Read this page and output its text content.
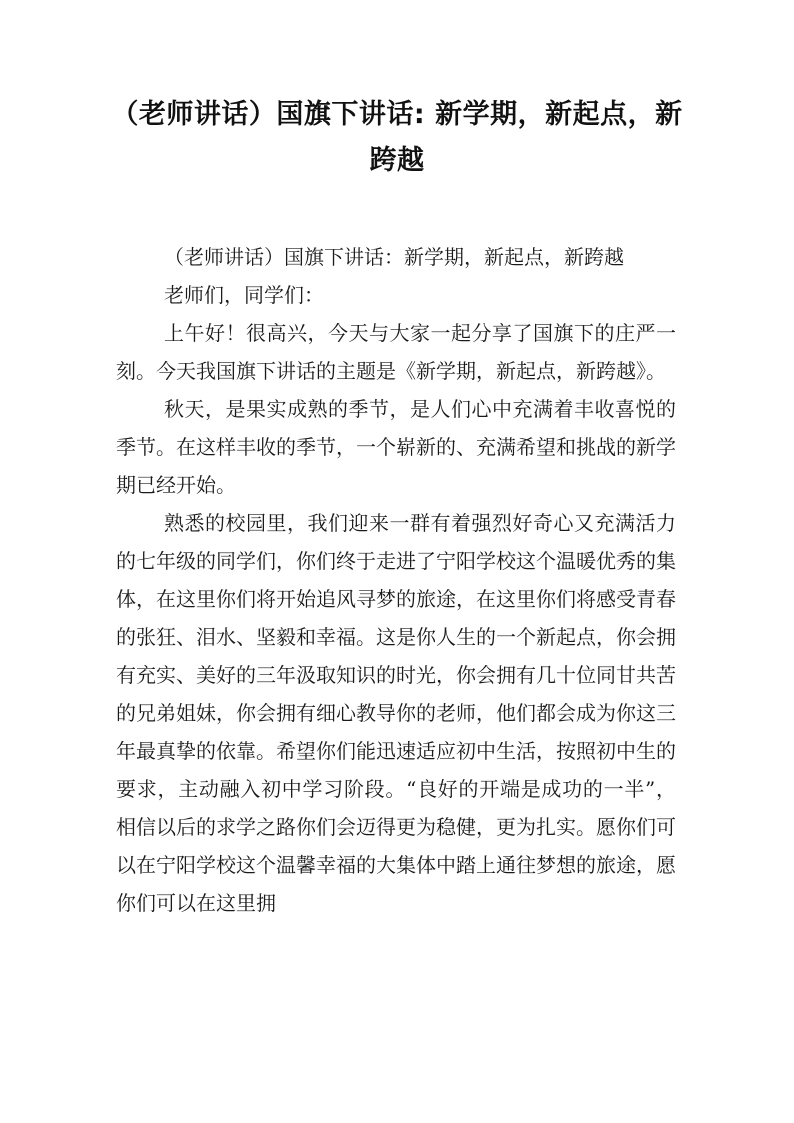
（老师讲话）国旗下讲话: 新学期，新起点，新跨越

（老师讲话）国旗下讲话：新学期，新起点，新跨越

老师们，同学们：

上午好！很高兴，今天与大家一起分享了国旗下的庄严一刻。今天我国旗下讲话的主题是《新学期，新起点，新跨越》。

秋天，是果实成熟的季节，是人们心中充满着丰收喜悦的季节。在这样丰收的季节，一个崭新的、充满希望和挑战的新学期已经开始。

熟悉的校园里，我们迎来一群有着强烈好奇心又充满活力的七年级的同学们，你们终于走进了宁阳学校这个温暖优秀的集体，在这里你们将开始追风寻梦的旅途，在这里你们将感受青春的张狂、泪水、坚毅和幸福。这是你人生的一个新起点，你会拥有充实、美好的三年汲取知识的时光，你会拥有几十位同甘共苦的兄弟姐妹，你会拥有细心教导你的老师，他们都会成为你这三年最真挚的依靠。希望你们能迅速适应初中生活，按照初中生的要求，主动融入初中学习阶段。“良好的开端是成功的一半”，相信以后的求学之路你们会迈得更为稳健，更为扎实。愿你们可以在宁阳学校这个温馨幸福的大集体中踏上通往梦想的旅途，愿你们可以在这里拥
